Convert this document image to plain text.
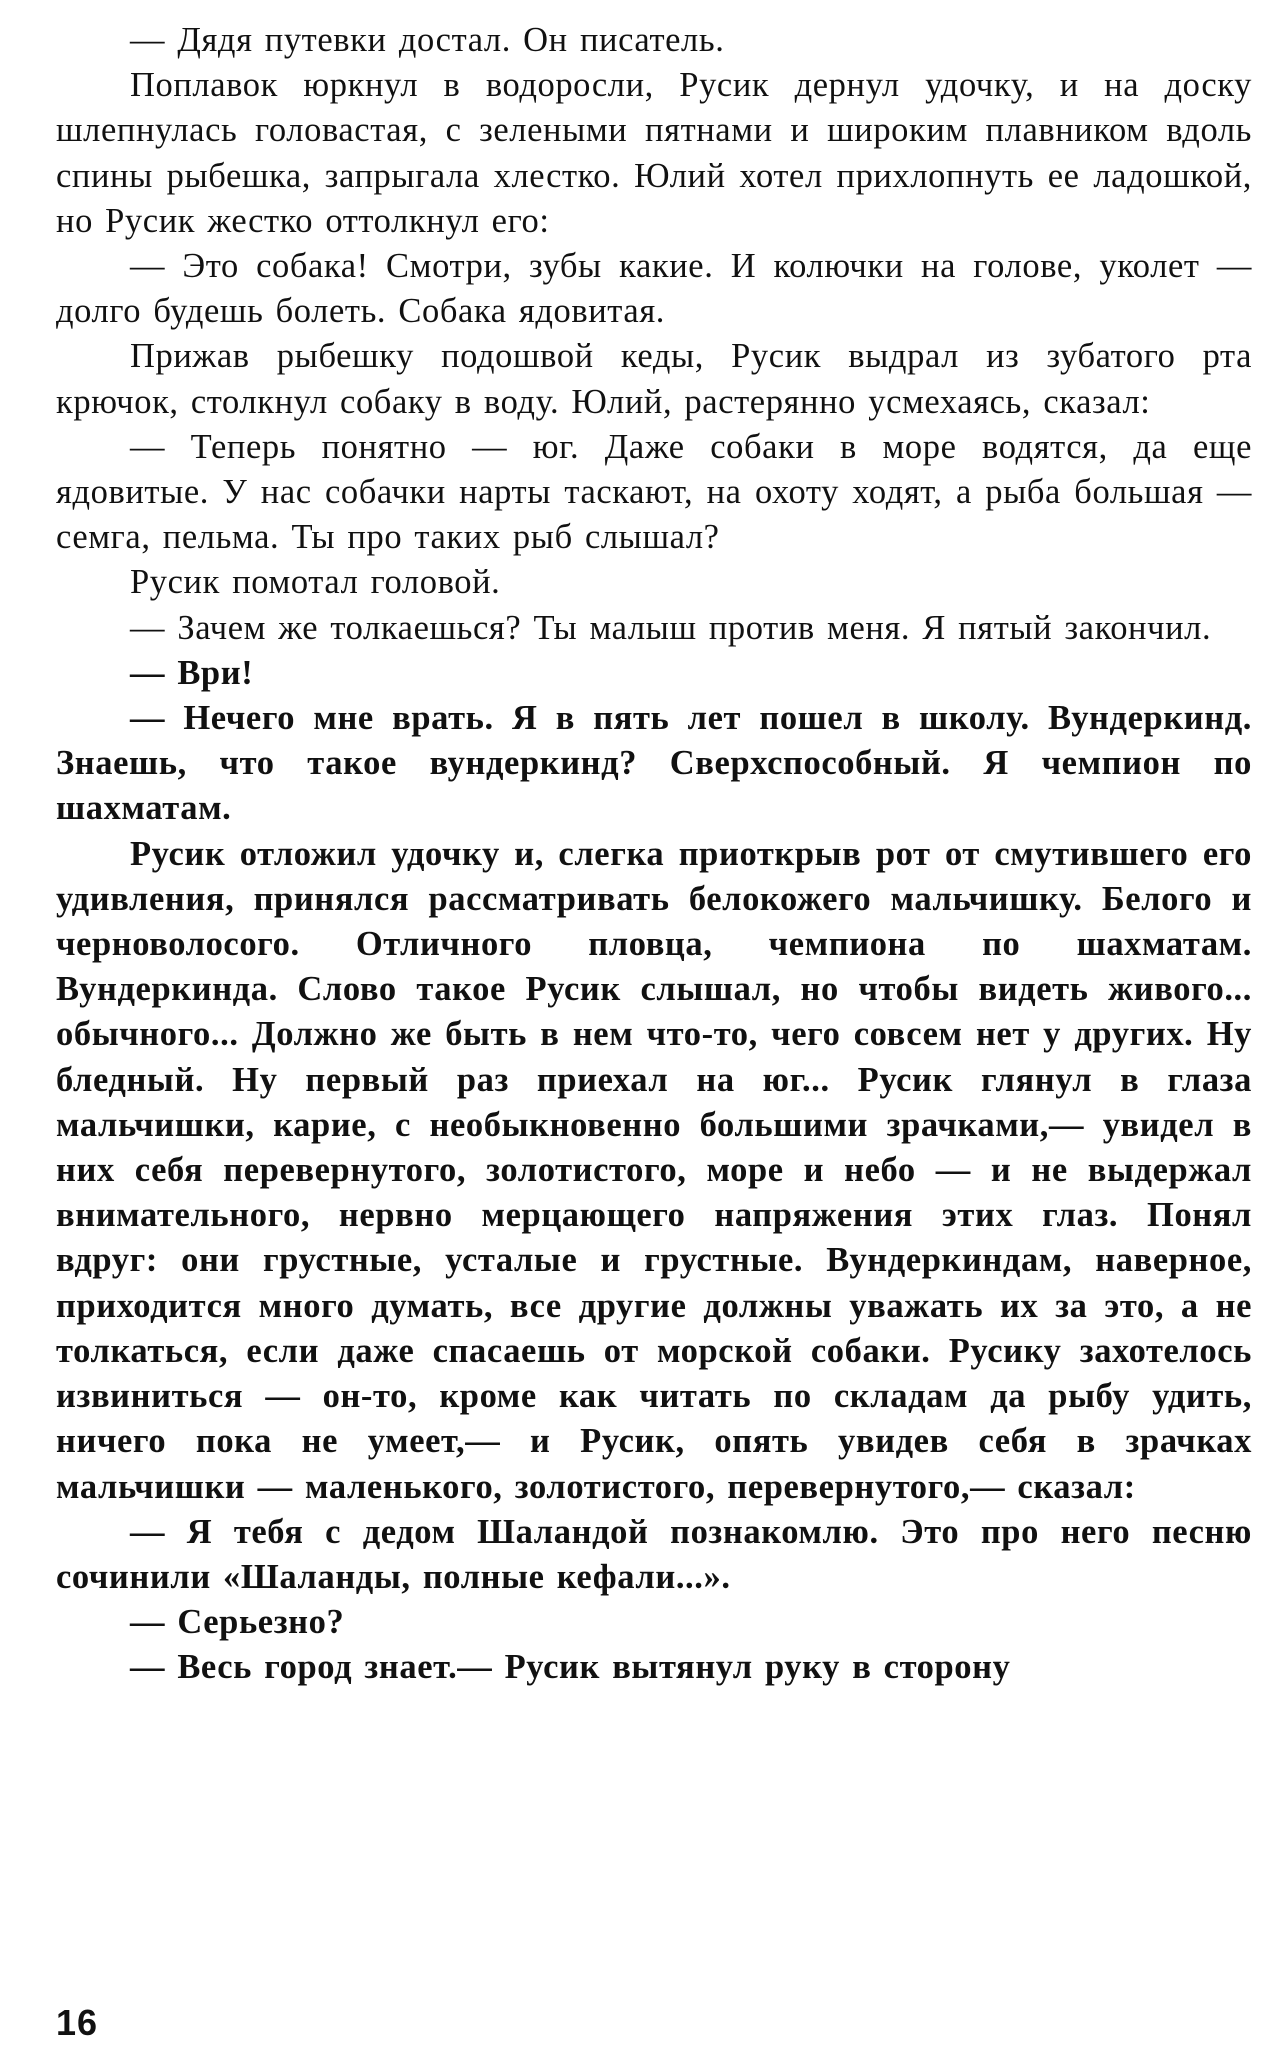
— Дядя путевки достал. Он писатель.

Поплавок юркнул в водоросли, Русик дернул удочку, и на доску шлепнулась головастая, с зелеными пятнами и широким плавником вдоль спины рыбешка, запрыгала хлестко. Юлий хотел прихлопнуть ее ладошкой, но Русик жестко оттолкнул его:

— Это собака! Смотри, зубы какие. И колючки на голове, уколет — долго будешь болеть. Собака ядовитая.

Прижав рыбешку подошвой кеды, Русик выдрал из зубатого рта крючок, столкнул собаку в воду. Юлий, растерянно усмехаясь, сказал:

— Теперь понятно — юг. Даже собаки в море водятся, да еще ядовитые. У нас собачки нарты таскают, на охоту ходят, а рыба большая — семга, пельма. Ты про таких рыб слышал?

Русик помотал головой.

— Зачем же толкаешься? Ты малыш против меня. Я пятый закончил.

— Ври!

— Нечего мне врать. Я в пять лет пошел в школу. Вундеркинд. Знаешь, что такое вундеркинд? Сверхспособный. Я чемпион по шахматам.

Русик отложил удочку и, слегка приоткрыв рот от смутившего его удивления, принялся рассматривать белокожего мальчишку. Белого и черноволосого. Отличного пловца, чемпиона по шахматам. Вундеркинда. Слово такое Русик слышал, но чтобы видеть живого... обычного... Должно же быть в нем что-то, чего совсем нет у других. Ну бледный. Ну первый раз приехал на юг... Русик глянул в глаза мальчишки, карие, с необыкновенно большими зрачками,— увидел в них себя перевернутого, золотистого, море и небо — и не выдержал внимательного, нервно мерцающего напряжения этих глаз. Понял вдруг: они грустные, усталые и грустные. Вундеркиндам, наверное, приходится много думать, все другие должны уважать их за это, а не толкаться, если даже спасаешь от морской собаки. Русику захотелось извиниться — он-то, кроме как читать по складам да рыбу удить, ничего пока не умеет,— и Русик, опять увидев себя в зрачках мальчишки — маленького, золотистого, перевернутого,— сказал:

— Я тебя с дедом Шаландой познакомлю. Это про него песню сочинили «Шаланды, полные кефали...».

— Серьезно?

— Весь город знает.— Русик вытянул руку в сторону

16
